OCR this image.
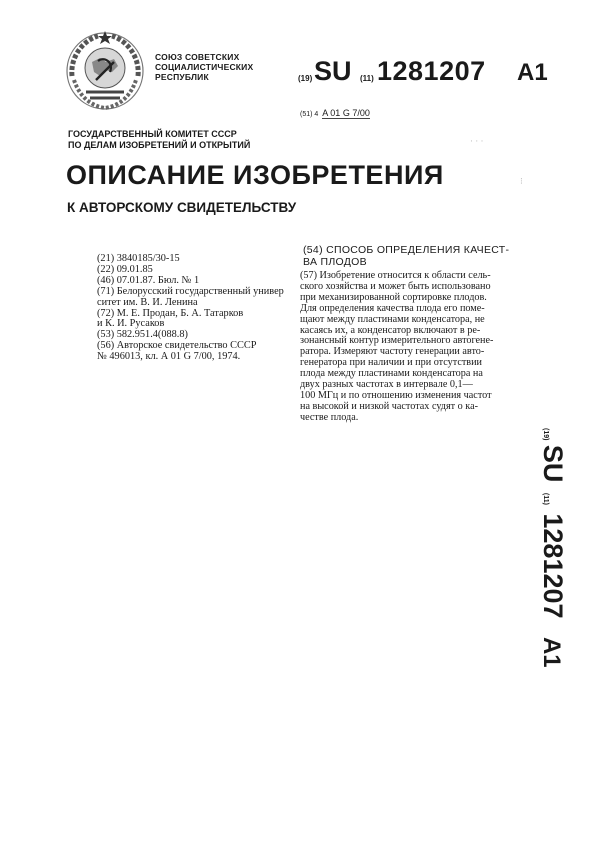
СОЮЗ СОВЕТСКИХ
СОЦИАЛИСТИЧЕСКИХ
РЕСПУБЛИК	(19) SU (11) 1281207 A1
(51) 4 A 01 G 7/00
ГОСУДАРСТВЕННЫЙ КОМИТЕТ СССР
ПО ДЕЛАМ ИЗОБРЕТЕНИЙ И ОТКРЫТИЙ
ОПИСАНИЕ ИЗОБРЕТЕНИЯ
К АВТОРСКОМУ СВИДЕТЕЛЬСТВУ
(21) 3840185/30-15
(22) 09.01.85
(46) 07.01.87. Бюл. № 1
(71) Белорусский государственный универ
ситет им. В. И. Ленина
(72) М. Е. Продан, Б. А. Татарков
и К. И. Русаков
(53) 582.951.4(088.8)
(56) Авторское свидетельство СССР
№ 496013, кл. А 01 G 7/00, 1974.
(54) СПОСОБ ОПРЕДЕЛЕНИЯ КАЧЕСТ-
ВА ПЛОДОВ
(57) Изобретение относится к области сель-
ского хозяйства и может быть использовано
при механизированной сортировке плодов.
Для определения качества плода его поме-
щают между пластинами конденсатора, не
касаясь их, а конденсатор включают в ре-
зонансный контур измерительного автогене-
ратора. Измеряют частоту генерации авто-
генератора при наличии и при отсутствии
плода между пластинами конденсатора на
двух разных частотах в интервале 0,1—
100 МГц и по отношению изменения частот
на высокой и низкой частотах судят о ка-
честве плода.
(19) SU (11) 1281207 A1
· · ·
⁝
